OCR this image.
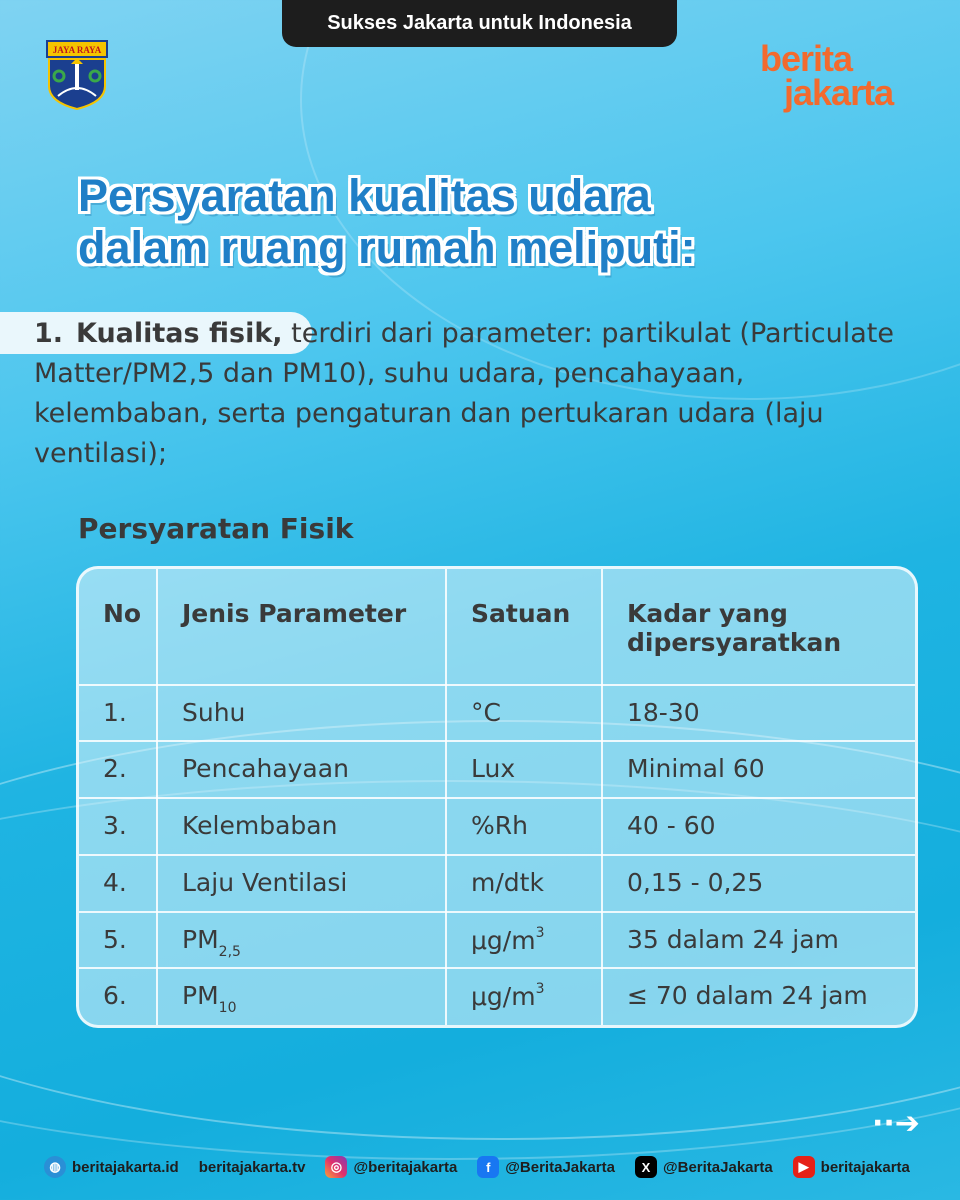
Sukses Jakarta untuk Indonesia
JAYA RAYA	berita
jakarta
Persyaratan kualitas udara
dalam ruang rumah meliputi:
1. Kualitas fisik, terdiri dari parameter: partikulat (Particulate Matter/PM2,5 dan PM10), suhu udara, pencahayaan, kelembaban, serta pengaturan dan pertukaran udara (laju ventilasi);
Persyaratan Fisik
No	Jenis Parameter	Satuan	Kadar yang dipersyaratkan
1.	Suhu	°C	18-30
2.	Pencahayaan	Lux	Minimal 60
3.	Kelembaban	%Rh	40 - 60
4.	Laju Ventilasi	m/dtk	0,15 - 0,25
5.	$PM_{2,5}$	$\mu g/m^3$	35 dalam 24 jam
6.	$PM_{10}$	$\mu g/m^3$	≤ 70 dalam 24 jam
··➔
◍ beritajakarta.id beritajakarta.tv	◎ @beritajakarta	f @BeritaJakarta	X @BeritaJakarta	▶ beritajakarta
